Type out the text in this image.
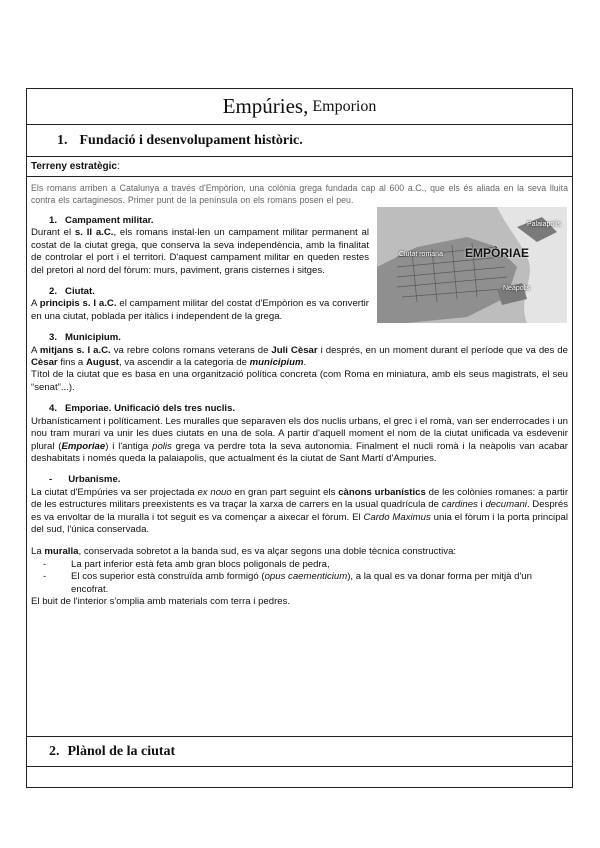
Empúries, Emporion
1. Fundació i desenvolupament històric.
Terreny estratègic :

Els romans arriben a Catalunya a través d'Empòrion, una colònia grega fundada cap al 600 a.C., que els és aliada en la seva lluita contra els cartaginesos. Primer punt de la península on els romans posen el peu.

Ciutat romana EMPÒRIAE
Palaiapolis
Neàpolis
1. Campament militar.

Durant el s. II a.C., els romans instal·len un campament militar permanent al costat de la ciutat grega, que conserva la seva independència, amb la finalitat de controlar el port i el territori. D'aquest campament militar en queden restes del pretori al nord del fòrum: murs, paviment, grans cisternes i sitges.

2. Ciutat.

A principis s. I a.C. el campament militar del costat d'Empòrion es va convertir en una ciutat, poblada per itàlics i independent de la grega.

3. Municipium.

A mitjans s. I a.C. va rebre colons romans veterans de Juli Cèsar i després, en un moment durant el període que va des de Cèsar fins a August, va ascendir a la categoria de municipium.

Títol de la ciutat que es basa en una organització política concreta (com Roma en miniatura, amb els seus magistrats, el seu “senat”...).

4. Emporiae. Unificació dels tres nuclis.

Urbanísticament i políticament. Les muralles que separaven els dos nuclis urbans, el grec i el romà, van ser enderrocades i un nou tram murari va unir les dues ciutats en una de sola. A partir d'aquell moment el nom de la ciutat unificada va esdevenir plural (Emporiae) i l'antiga polis grega va perdre tota la seva autonomia. Finalment el nucli romà i la neàpolis van acabar deshabitats i només queda la palaiapolis, que actualment és la ciutat de Sant Martí d'Ampuries.

- Urbanisme.

La ciutat d'Empúries va ser projectada ex nouo en gran part seguint els cànons urbanístics de les colònies romanes: a partir de les estructures militars preexistents es va traçar la xarxa de carrers en la usual quadrícula de cardines i decumani. Després es va envoltar de la muralla i tot seguit es va començar a aixecar el fòrum. El Cardo Maximus unia el fòrum i la porta principal del sud, l'única conservada.

La muralla, conservada sobretot a la banda sud, es va alçar segons una doble tècnica constructiva:

- La part inferior està feta amb gran blocs poligonals de pedra,
- El cos superior està construïda amb formigó (opus caementicium), a la qual es va donar forma per mitjà d'un encofrat.

El buit de l'interior s'omplia amb materials com terra i pedres.

2. Plànol de la ciutat
